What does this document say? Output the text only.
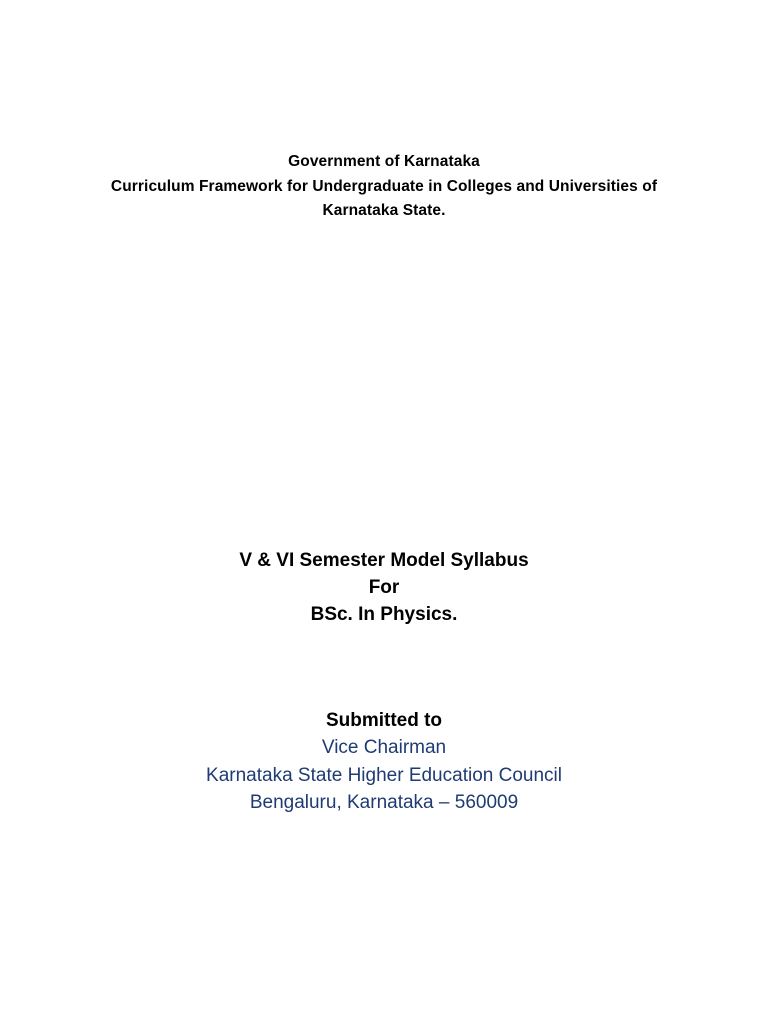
Government of Karnataka

Curriculum Framework for Undergraduate in Colleges and Universities of

Karnataka State.

V & VI Semester Model Syllabus

For

BSc. In Physics.

Submitted to

Vice Chairman

Karnataka State Higher Education Council

Bengaluru, Karnataka – 560009
